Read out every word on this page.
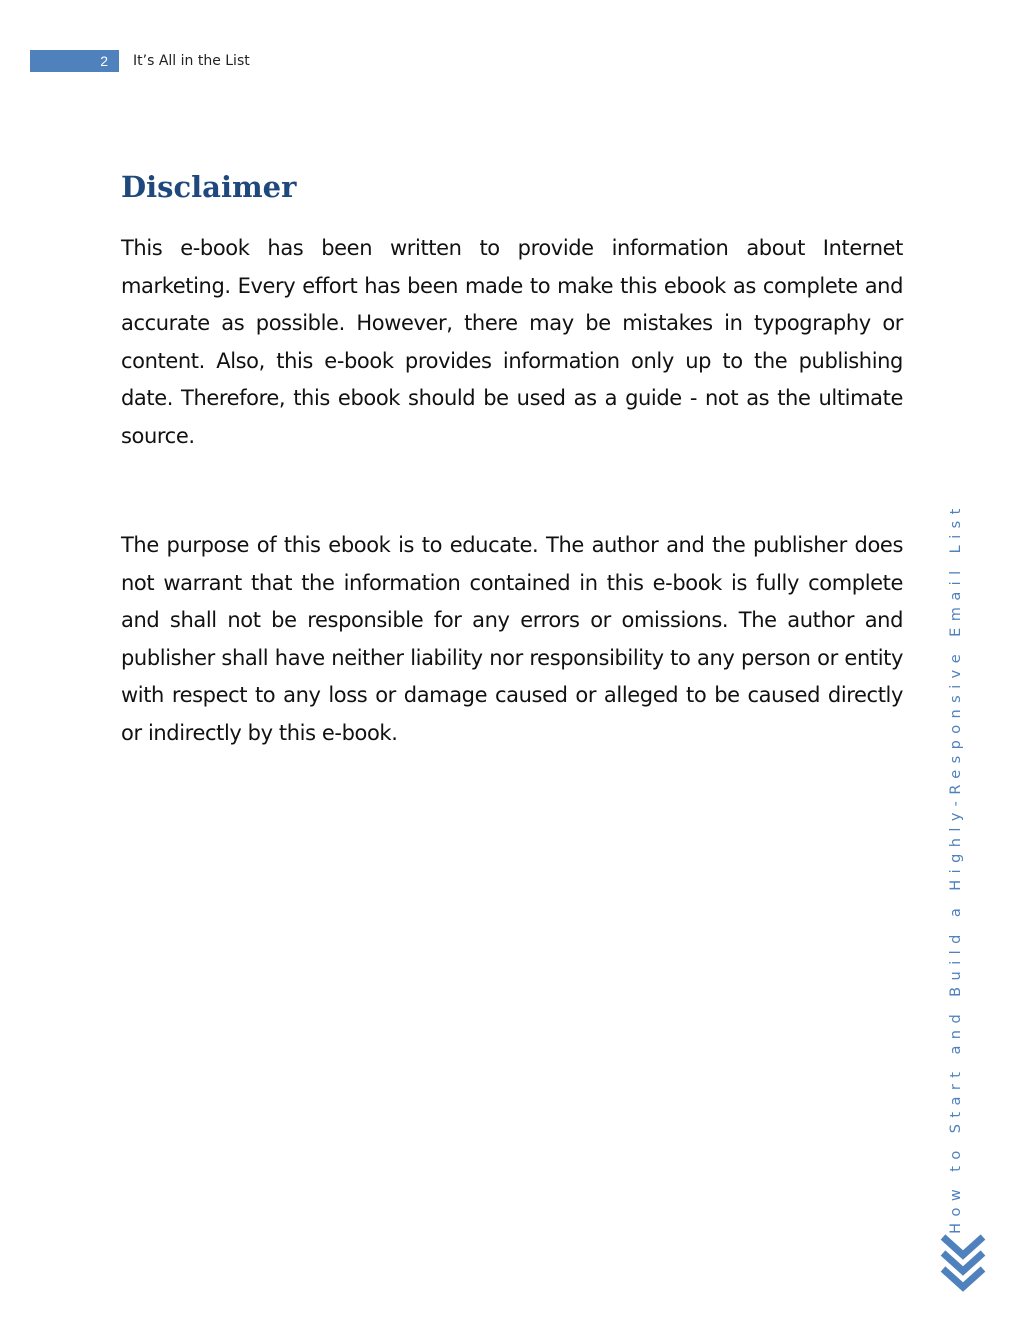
2	It’s All in the List
Disclaimer

This e-book has been written to provide information about Internet marketing. Every effort has been made to make this ebook as complete and accurate as possible. However, there may be mistakes in typography or content. Also, this e-book provides information only up to the publishing date. Therefore, this ebook should be used as a guide - not as the ultimate source.

The purpose of this ebook is to educate. The author and the publisher does not warrant that the information contained in this e-book is fully complete and shall not be responsible for any errors or omissions. The author and publisher shall have neither liability nor responsibility to any person or entity with respect to any loss or damage caused or alleged to be caused directly or indirectly by this e-book.	How to Start and Build a Highly-Responsive Email List
